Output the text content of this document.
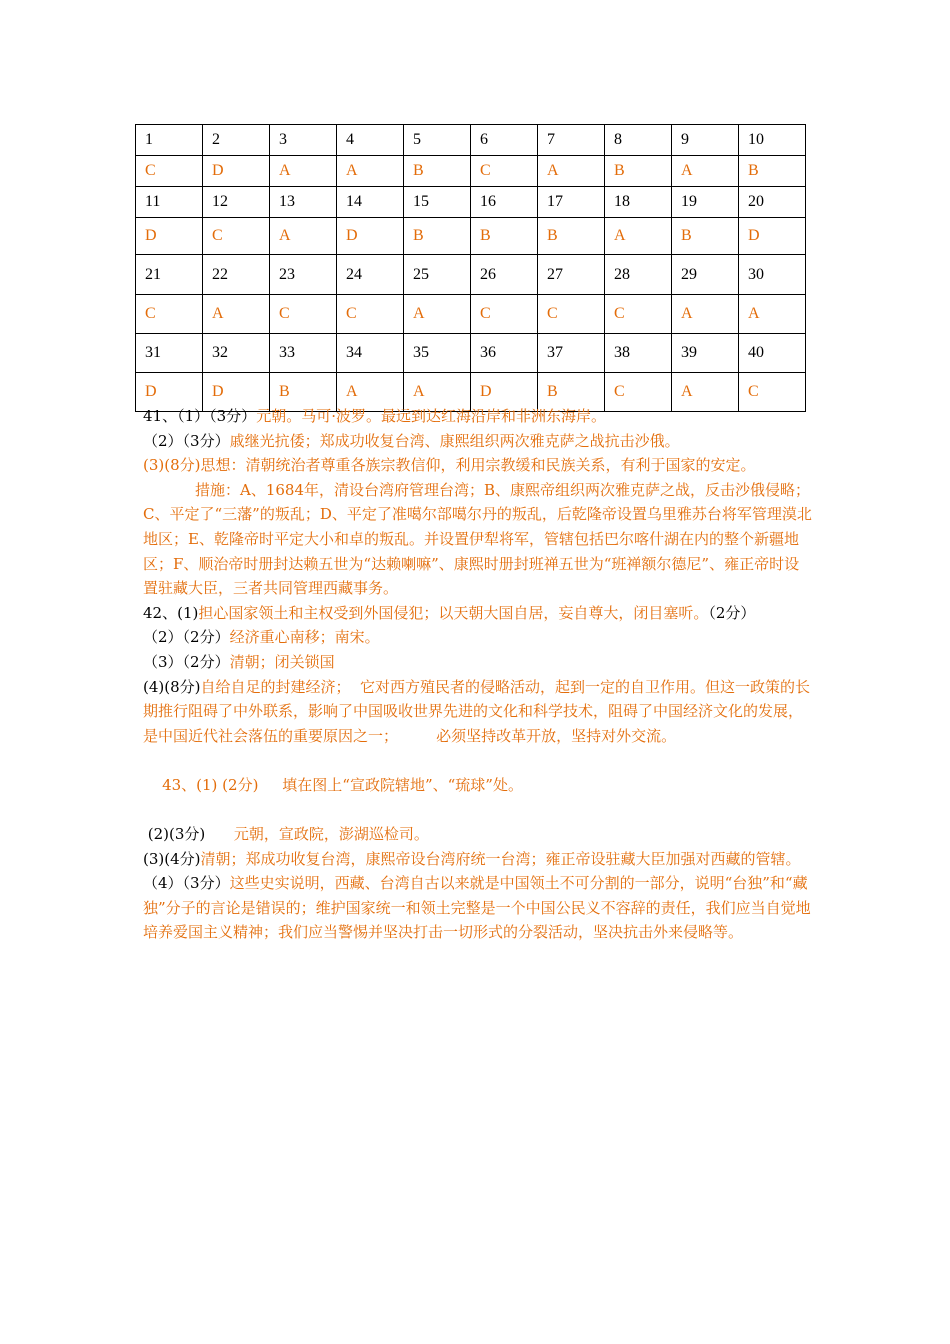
1	2	3	4	5	6	7	8	9	10
C	D	A	A	B	C	A	B	A	B
11	12	13	14	15	16	17	18	19	20
D	C	A	D	B	B	B	A	B	D
21	22	23	24	25	26	27	28	29	30
C	A	C	C	A	C	C	C	A	A
31	32	33	34	35	36	37	38	39	40
D	D	B	A	A	D	B	C	A	C
41、（1）（3分）元朝。马可·波罗。最远到达红海沿岸和非洲东海岸。
（2）（3分）戚继光抗倭；郑成功收复台湾、康熙组织两次雅克萨之战抗击沙俄。
(3)(8分)思想：清朝统治者尊重各族宗教信仰，利用宗教缓和民族关系，有利于国家的安定。
措施：A、1684年，清设台湾府管理台湾；B、康熙帝组织两次雅克萨之战，反击沙俄侵略；C、平定了“三藩”的叛乱；D、平定了准噶尔部噶尔丹的叛乱，后乾隆帝设置乌里雅苏台将军管理漠北地区；E、乾隆帝时平定大小和卓的叛乱。并设置伊犁将军，管辖包括巴尔喀什湖在内的整个新疆地区；F、顺治帝时册封达赖五世为“达赖喇嘛”、康熙时册封班禅五世为“班禅额尔德尼”、雍正帝时设置驻藏大臣，三者共同管理西藏事务。
42、(1)担心国家领土和主权受到外国侵犯；以天朝大国自居，妄自尊大，闭目塞听。（2分）
（2）（2分）经济重心南移；南宋。
（3）（2分）清朝；闭关锁国
(4)(8分)自给自足的封建经济；  它对西方殖民者的侵略活动，起到一定的自卫作用。但这一政策的长期推行阻碍了中外联系，影响了中国吸收世界先进的文化和科学技术，阻碍了中国经济文化的发展，是中国近代社会落伍的重要原因之一；        必须坚持改革开放，坚持对外交流。

43、(1) (2分)     填在图上“宣政院辖地”、“琉球”处。

(2)(3分)      元朝，宣政院，澎湖巡检司。
(3)(4分)清朝；郑成功收复台湾，康熙帝设台湾府统一台湾；雍正帝设驻藏大臣加强对西藏的管辖。
（4）（3分）这些史实说明，西藏、台湾自古以来就是中国领土不可分割的一部分，说明“台独”和“藏独”分子的言论是错误的；维护国家统一和领土完整是一个中国公民义不容辞的责任，我们应当自觉地培养爱国主义精神；我们应当警惕并坚决打击一切形式的分裂活动，坚决抗击外来侵略等。
